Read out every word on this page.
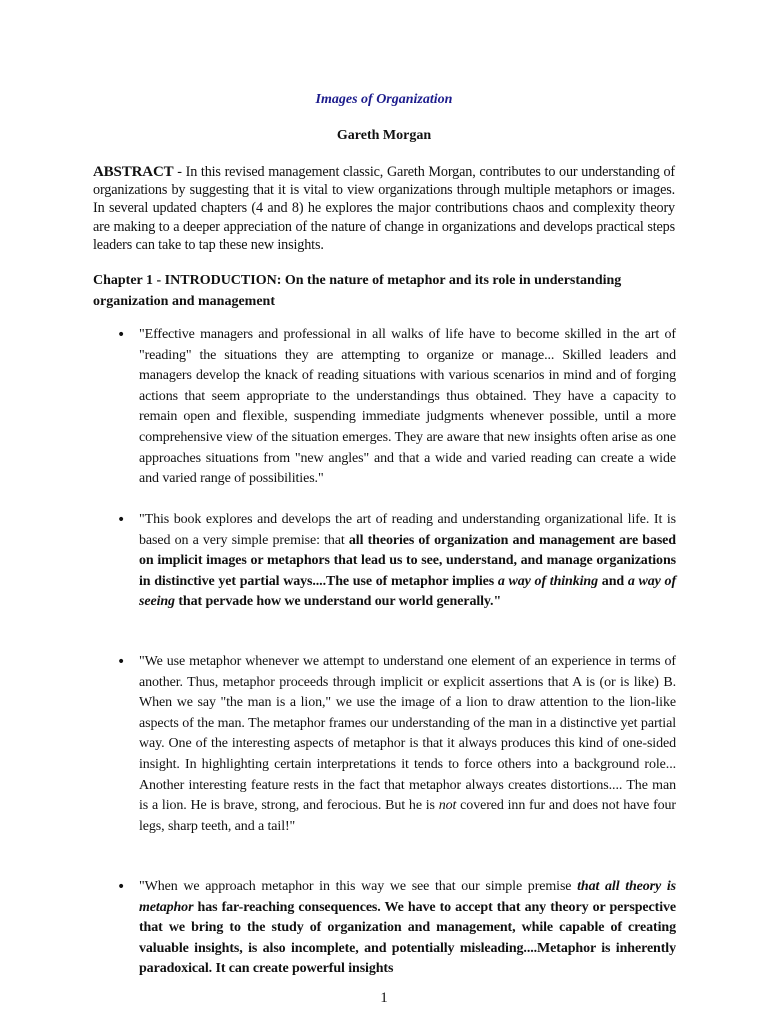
Images of Organization

Gareth Morgan

ABSTRACT - In this revised management classic, Gareth Morgan, contributes to our understanding of organizations by suggesting that it is vital to view organizations through multiple metaphors or images. In several updated chapters (4 and 8) he explores the major contributions chaos and complexity theory are making to a deeper appreciation of the nature of change in organizations and develops practical steps leaders can take to tap these new insights.

Chapter 1 - INTRODUCTION: On the nature of metaphor and its role in understanding organization and management

• "Effective managers and professional in all walks of life have to become skilled in the art of "reading" the situations they are attempting to organize or manage... Skilled leaders and managers develop the knack of reading situations with various scenarios in mind and of forging actions that seem appropriate to the understandings thus obtained. They have a capacity to remain open and flexible, suspending immediate judgments whenever possible, until a more comprehensive view of the situation emerges. They are aware that new insights often arise as one approaches situations from "new angles" and that a wide and varied reading can create a wide and varied range of possibilities."
• "This book explores and develops the art of reading and understanding organizational life. It is based on a very simple premise: that all theories of organization and management are based on implicit images or metaphors that lead us to see, understand, and manage organizations in distinctive yet partial ways....The use of metaphor implies a way of thinking and a way of seeing that pervade how we understand our world generally."
• "We use metaphor whenever we attempt to understand one element of an experience in terms of another. Thus, metaphor proceeds through implicit or explicit assertions that A is (or is like) B. When we say "the man is a lion," we use the image of a lion to draw attention to the lion-like aspects of the man. The metaphor frames our understanding of the man in a distinctive yet partial way. One of the interesting aspects of metaphor is that it always produces this kind of one-sided insight. In highlighting certain interpretations it tends to force others into a background role... Another interesting feature rests in the fact that metaphor always creates distortions.... The man is a lion. He is brave, strong, and ferocious. But he is not covered inn fur and does not have four legs, sharp teeth, and a tail!"
• "When we approach metaphor in this way we see that our simple premise that all theory is metaphor has far-reaching consequences. We have to accept that any theory or perspective that we bring to the study of organization and management, while capable of creating valuable insights, is also incomplete, and potentially misleading....Metaphor is inherently paradoxical. It can create powerful insights

1
